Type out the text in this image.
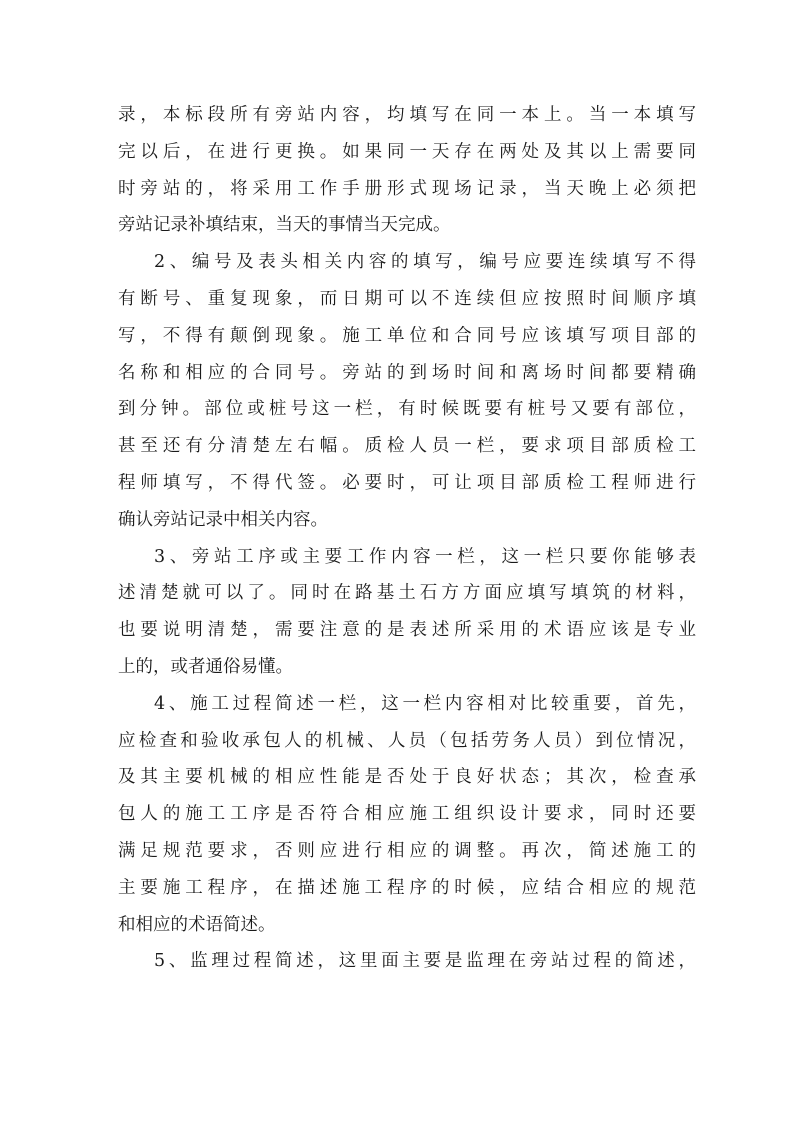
录，本标段所有旁站内容，均填写在同一本上。当一本填写
完以后，在进行更换。如果同一天存在两处及其以上需要同
时旁站的，将采用工作手册形式现场记录，当天晚上必须把
旁站记录补填结束，当天的事情当天完成。
2、编号及表头相关内容的填写，编号应要连续填写不得
有断号、重复现象，而日期可以不连续但应按照时间顺序填
写，不得有颠倒现象。施工单位和合同号应该填写项目部的
名称和相应的合同号。旁站的到场时间和离场时间都要精确
到分钟。部位或桩号这一栏，有时候既要有桩号又要有部位，
甚至还有分清楚左右幅。质检人员一栏，要求项目部质检工
程师填写，不得代签。必要时，可让项目部质检工程师进行
确认旁站记录中相关内容。
3、旁站工序或主要工作内容一栏，这一栏只要你能够表
述清楚就可以了。同时在路基土石方方面应填写填筑的材料，
也要说明清楚，需要注意的是表述所采用的术语应该是专业
上的，或者通俗易懂。
4、施工过程简述一栏，这一栏内容相对比较重要，首先，
应检查和验收承包人的机械、人员（包括劳务人员）到位情况，
及其主要机械的相应性能是否处于良好状态；其次，检查承
包人的施工工序是否符合相应施工组织设计要求，同时还要
满足规范要求，否则应进行相应的调整。再次，简述施工的
主要施工程序，在描述施工程序的时候，应结合相应的规范
和相应的术语简述。
5、监理过程简述，这里面主要是监理在旁站过程的简述，
